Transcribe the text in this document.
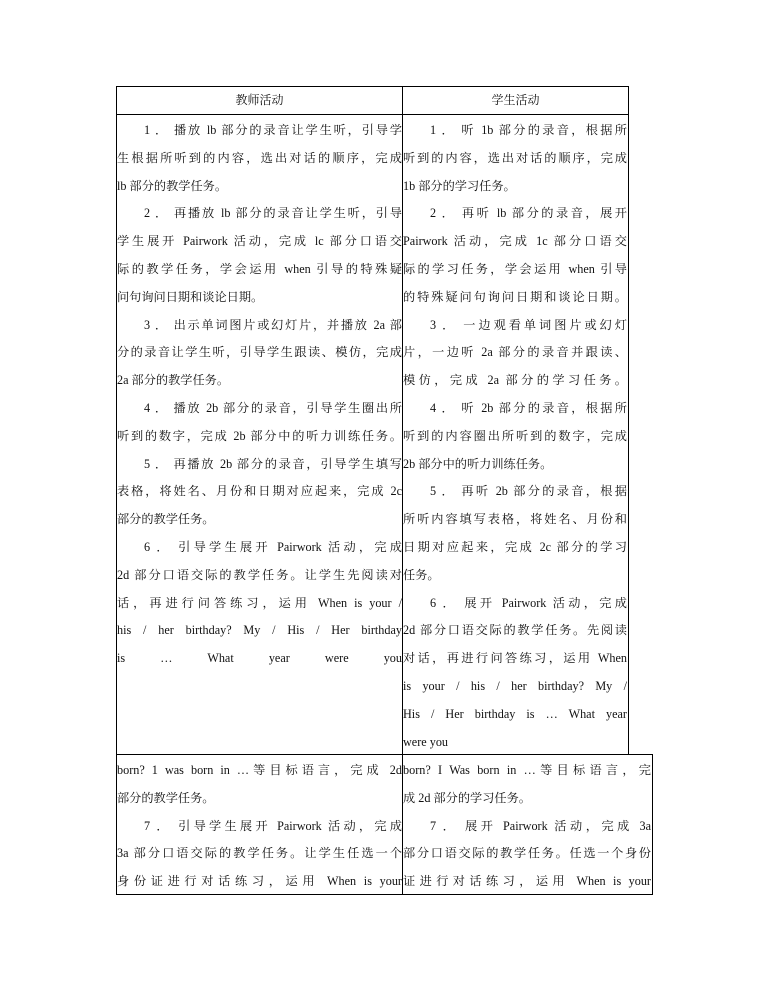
教师活动	学生活动
1 ． 播放 lb 部分的录音让学生听，引导学
生根据所听到的内容，选出对话的顺序，完成
lb 部分的教学任务。
2 ． 再播放 lb 部分的录音让学生听，引导
学生展开 Pairwork 活动，完成 lc 部分口语交
际的教学任务，学会运用 when 引导的特殊疑
问句询问日期和谈论日期。
3 ． 出示单词图片或幻灯片，并播放 2a 部
分的录音让学生听，引导学生跟读、模仿，完成
2a 部分的教学任务。
4 ． 播放 2b 部分的录音，引导学生圈出所
听到的数字，完成 2b 部分中的听力训练任务。
5 ． 再播放 2b 部分的录音，引导学生填写
表格，将姓名、月份和日期对应起来，完成 2c
部分的教学任务。
6 ． 引导学生展开 Pairwork 活动，完成
2d 部分口语交际的教学任务。让学生先阅读对
话，再进行问答练习，运用 When is your /
his / her birthday? My / His / Her birthday
is … What year were you
1 ． 听 1b 部分的录音，根据所
听到的内容，选出对话的顺序，完成
1b 部分的学习任务。
2 ． 再听 lb 部分的录音，展开
Pairwork 活动，完成 1c 部分口语交
际的学习任务，学会运用 when 引导
的特殊疑问句询问日期和谈论日期。
3 ． 一边观看单词图片或幻灯
片，一边听 2a 部分的录音并跟读、
模仿，完成 2a 部分的学习任务。
4 ． 听 2b 部分的录音，根据所
听到的内容圈出所听到的数字，完成
2b 部分中的听力训练任务。
5 ． 再听 2b 部分的录音，根据
所听内容填写表格，将姓名、月份和
日期对应起来，完成 2c 部分的学习
任务。
6 ． 展开 Pairwork 活动，完成
2d 部分口语交际的教学任务。先阅读
对话，再进行问答练习，运用 When
is your / his / her birthday? My /
His / Her birthday is … What year
were you
born? 1 was born in …等目标语言，完成 2d
部分的教学任务。
7 ． 引导学生展开 Pairwork 活动，完成
3a 部分口语交际的教学任务。让学生任选一个
身份证进行对话练习，运用 When is your
born? I Was born in …等目标语言，完
成 2d 部分的学习任务。
7 ． 展开 Pairwork 活动，完成 3a
部分口语交际的教学任务。任选一个身份
证进行对话练习，运用 When is your
